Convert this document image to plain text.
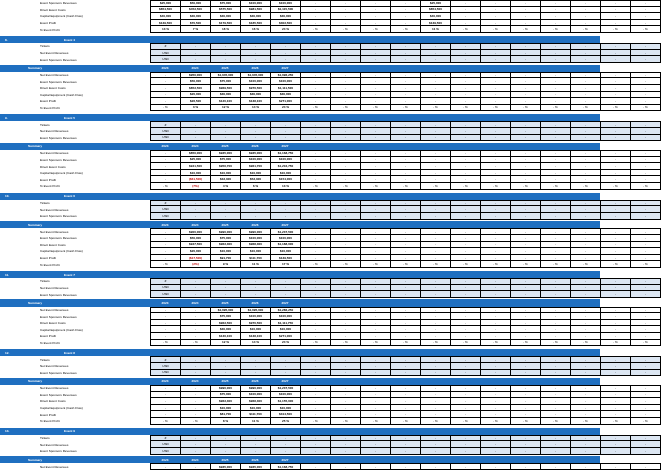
Event Sponsors Revenues	$25,000	$50,000	$75,000	$100,000	$100,000	-	-	-	-	$25,000	-	-	-	-	-	-	-
Direct Event Costs	$854,500	$453,500	$575,500	$981,500	$1,115,500	-	-	-	-	$854,500	-	-	-	-	-	-	-
Capital Equipment (Cash Flow)	$40,000	$30,000	$30,000	$30,000	$30,000	-	-	-	-	$40,000	-	-	-	-	-	-	-
Event Profit	$139,500	$70,500	$179,500	$185,500	$303,500	-	-	-	-	$139,500	-	-	-	-	-	-	-
% Event Profit	13 %	7 %	18 %	16 %	24 %	- %	- %	- %	- %	11 %	- %	- %	- %	- %	- %	- %	- %
8.	Event 4
Tickets	#	-	-	-	-	-	-	-	-	-	-	-	-	-	-	-	-
Net Event Revenues	USD	-	-	-	-	-	-	-	-	-	-	-	-	-	-	-	-
Event Sponsors Revenues	USD	-	-	-	-	-	-	-	-	-	-	-	-	-	-	-	-
Summary	2023	2024	2025	2026	2027
Net Event Revenues	-	$950,000	$1,045,000	$1,045,000	$1,096,250	-	-	-	-	-	-	-	-	-	-	-	-
Event Sponsors Revenues	-	$50,000	$75,000	$100,000	$100,000	-	-	-	-	-	-	-	-	-	-	-	-
Direct Event Costs	-	$853,500	$969,500	$976,500	$1,111,500	-	-	-	-	-	-	-	-	-	-	-	-
Capital Equipment (Cash Flow)	-	$20,000	$30,000	$30,000	$30,000	-	-	-	-	-	-	-	-	-	-	-	-
Event Profit	-	$26,500	$120,100	$138,100	$271,000	-	-	-	-	-	-	-	-	-	-	-	-
% Event Profit	- %	3 %	12 %	14 %	24 %	- %	- %	- %	- %	- %	- %	- %	- %	- %	- %	- %	- %
9.	Event 5
Tickets	#	-	-	-	-	-	-	-	-	-	-	-	-	-	-	-	-
Net Event Revenues	USD	-	-	-	-	-	-	-	-	-	-	-	-	-	-	-	-
Event Sponsors Revenues	USD	-	-	-	-	-	-	-	-	-	-	-	-	-	-	-	-
Summary	2023	2024	2025	2026	2027
Net Event Revenues	-	$850,000	$935,000	$935,000	$1,168,750	-	-	-	-	-	-	-	-	-	-	-	-
Event Sponsors Revenues	-	$25,000	$75,000	$100,000	$100,000	-	-	-	-	-	-	-	-	-	-	-	-
Direct Event Costs	-	$941,500	$956,700	$961,700	$1,204,750	-	-	-	-	-	-	-	-	-	-	-	-
Capital Equipment (Cash Flow)	-	$10,000	$10,000	$10,000	$10,000	-	-	-	-	-	-	-	-	-	-	-	-
Event Profit	-	($61,500)	$33,300	$53,300	$154,000	-	-	-	-	-	-	-	-	-	-	-	-
% Event Profit	- %	(7%)	4 %	6 %	13 %	- %	- %	- %	- %	- %	- %	- %	- %	- %	- %	- %	- %
10.	Event 6
Tickets	#	-	-	-	-	-	-	-	-	-	-	-	-	-	-	-	-
Net Event Revenues	USD	-	-	-	-	-	-	-	-	-	-	-	-	-	-	-	-
Event Sponsors Revenues	USD	-	-	-	-	-	-	-	-	-	-	-	-	-	-	-	-
Summary	2023	2024	2025	2026	2027
Net Event Revenues	-	$900,000	$990,000	$990,000	$1,237,500	-	-	-	-	-	-	-	-	-	-	-	-
Event Sponsors Revenues	-	$50,000	$75,000	$100,000	$100,000	-	-	-	-	-	-	-	-	-	-	-	-
Direct Event Costs	-	$947,500	$963,300	$968,300	$1,188,000	-	-	-	-	-	-	-	-	-	-	-	-
Capital Equipment (Cash Flow)	-	$20,000	$10,000	$10,000	$10,000	-	-	-	-	-	-	-	-	-	-	-	-
Event Profit	-	($17,500)	$91,700	$111,700	$139,500	-	-	-	-	-	-	-	-	-	-	-	-
% Event Profit	- %	(2%)	9 %	11 %	17 %	- %	- %	- %	- %	- %	- %	- %	- %	- %	- %	- %	- %
11.	Event 7
Tickets	#	-	-	-	-	-	-	-	-	-	-	-	-	-	-	-	-
Net Event Revenues	USD	-	-	-	-	-	-	-	-	-	-	-	-	-	-	-	-
Event Sponsors Revenues	USD	-	-	-	-	-	-	-	-	-	-	-	-	-	-	-	-
Summary	2023	2024	2025	2026	2027
Net Event Revenues	-	-	$1,095,000	$1,095,000	$1,286,250	-	-	-	-	-	-	-	-	-	-	-	-
Event Sponsors Revenues	-	-	$75,000	$100,000	$100,000	-	-	-	-	-	-	-	-	-	-	-	-
Direct Event Costs	-	-	$963,500	$970,500	$1,111,750	-	-	-	-	-	-	-	-	-	-	-	-
Capital Equipment (Cash Flow)	-	-	$30,000	$10,000	$10,000	-	-	-	-	-	-	-	-	-	-	-	-
Event Profit	-	-	$136,100	$138,100	$271,000	-	-	-	-	-	-	-	-	-	-	-	-
% Event Profit	- %	- %	12 %	14 %	24 %	- %	- %	- %	- %	- %	- %	- %	- %	- %	- %	- %	- %
12.	Event 8
Tickets	#	-	-	-	-	-	-	-	-	-	-	-	-	-	-	-	-
Net Event Revenues	USD	-	-	-	-	-	-	-	-	-	-	-	-	-	-	-	-
Event Sponsors Revenues	USD	-	-	-	-	-	-	-	-	-	-	-	-	-	-	-	-
Summary	2023	2024	2025	2026	2027
Net Event Revenues	-	-	$990,000	$990,000	$1,237,500	-	-	-	-	-	-	-	-	-	-	-	-
Event Sponsors Revenues	-	-	$75,000	$100,000	$100,000	-	-	-	-	-	-	-	-	-	-	-	-
Direct Event Costs	-	-	$963,300	$968,300	$1,155,000	-	-	-	-	-	-	-	-	-	-	-	-
Capital Equipment (Cash Flow)	-	-	$10,000	$10,000	$10,000	-	-	-	-	-	-	-	-	-	-	-	-
Event Profit	-	-	$81,700	$111,700	$314,500	-	-	-	-	-	-	-	-	-	-	-	-
% Event Profit	- %	- %	8 %	11 %	25 %	- %	- %	- %	- %	- %	- %	- %	- %	- %	- %	- %	- %
13.	Event 9
Tickets	#	-	-	-	-	-	-	-	-	-	-	-	-	-	-	-	-
Net Event Revenues	USD	-	-	-	-	-	-	-	-	-	-	-	-	-	-	-	-
Event Sponsors Revenues	USD	-	-	-	-	-	-	-	-	-	-	-	-	-	-	-	-
Summary	2023	2024	2025	2026	2027
Net Event Revenues	-	-	$935,000	$935,000	$1,168,750	-	-	-	-	-	-	-	-	-	-	-	-
